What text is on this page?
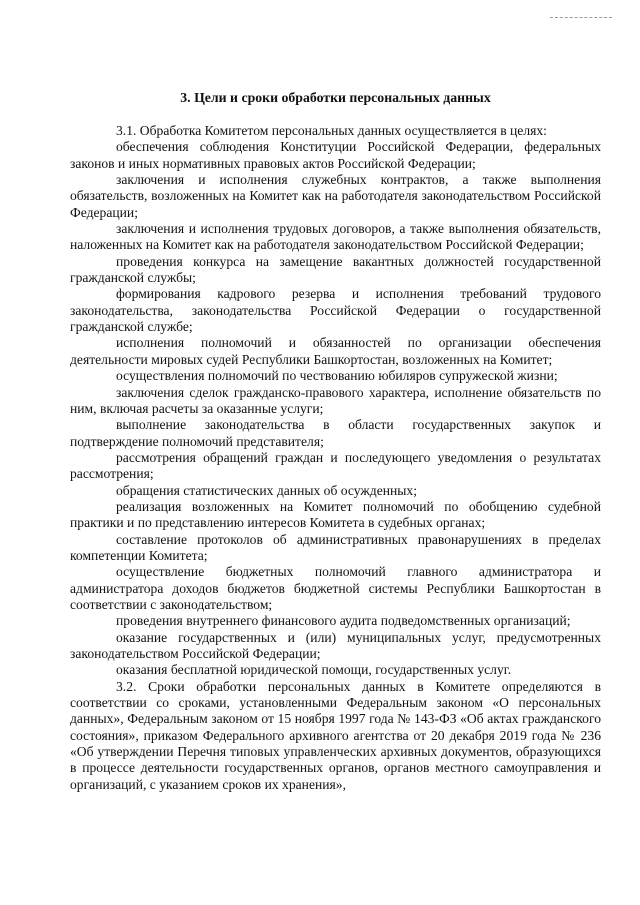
3. Цели и сроки обработки персональных данных

3.1. Обработка Комитетом персональных данных осуществляется в целях:

обеспечения соблюдения Конституции Российской Федерации, федеральных законов и иных нормативных правовых актов Российской Федерации;

заключения и исполнения служебных контрактов, а также выполнения обязательств, возложенных на Комитет как на работодателя законодательством Российской Федерации;

заключения и исполнения трудовых договоров, а также выполнения обязательств, наложенных на Комитет как на работодателя законодательством Российской Федерации;

проведения конкурса на замещение вакантных должностей государственной гражданской службы;

формирования кадрового резерва и исполнения требований трудового законодательства, законодательства Российской Федерации о государственной гражданской службе;

исполнения полномочий и обязанностей по организации обеспечения деятельности мировых судей Республики Башкортостан, возложенных на Комитет;

осуществления полномочий по чествованию юбиляров супружеской жизни;

заключения сделок гражданско-правового характера, исполнение обязательств по ним, включая расчеты за оказанные услуги;

выполнение законодательства в области государственных закупок и подтверждение полномочий представителя;

рассмотрения обращений граждан и последующего уведомления о результатах рассмотрения;

обращения статистических данных об осужденных;

реализация возложенных на Комитет полномочий по обобщению судебной практики и по представлению интересов Комитета в судебных органах;

составление протоколов об административных правонарушениях в пределах компетенции Комитета;

осуществление бюджетных полномочий главного администратора и администратора доходов бюджетов бюджетной системы Республики Башкортостан в соответствии с законодательством;

проведения внутреннего финансового аудита подведомственных организаций;

оказание государственных и (или) муниципальных услуг, предусмотренных законодательством Российской Федерации;

оказания бесплатной юридической помощи, государственных услуг.

3.2. Сроки обработки персональных данных в Комитете определяются в соответствии со сроками, установленными Федеральным законом «О персональных данных», Федеральным законом от 15 ноября 1997 года № 143-ФЗ «Об актах гражданского состояния», приказом Федерального архивного агентства от 20 декабря 2019 года № 236 «Об утверждении Перечня типовых управленческих архивных документов, образующихся в процессе деятельности государственных органов, органов местного самоуправления и организаций, с указанием сроков их хранения»,
